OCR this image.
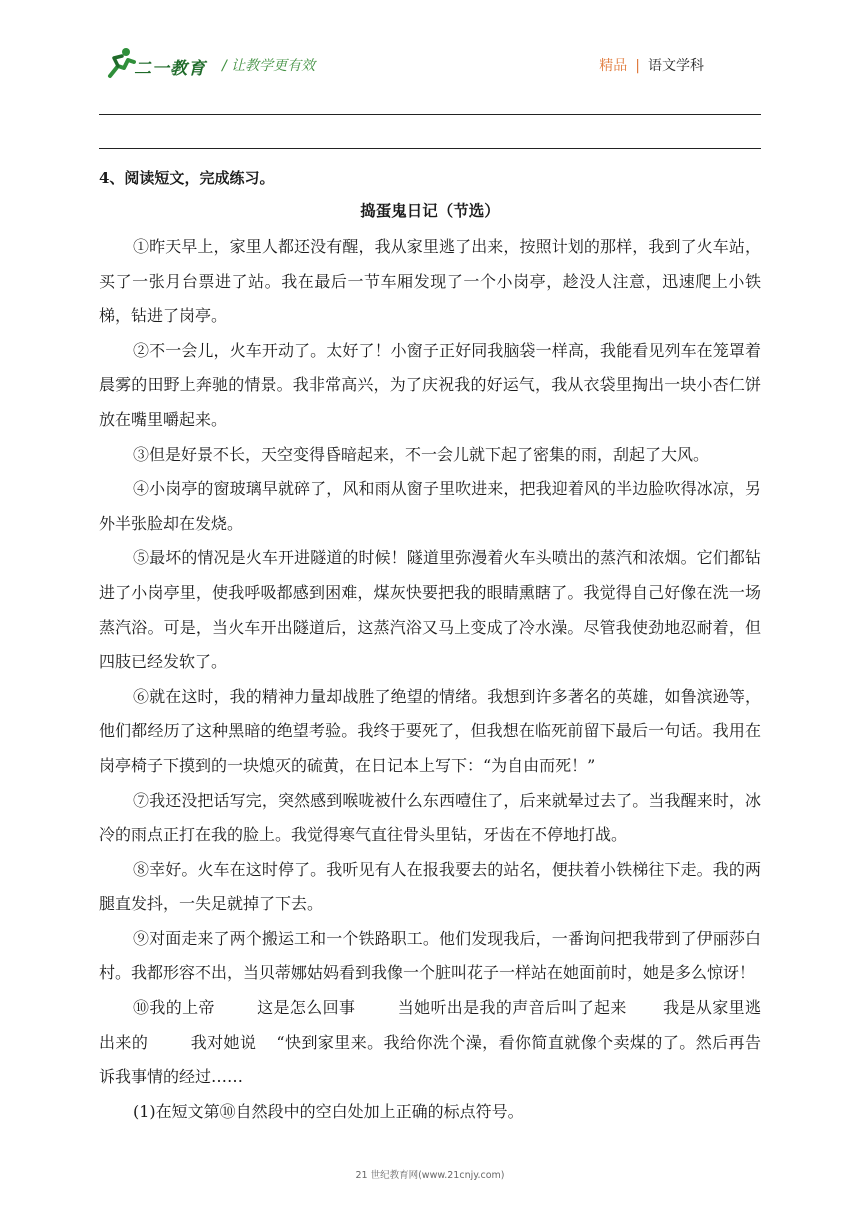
二一教育 / 让教学更有效	精品 | 语文学科
4、阅读短文，完成练习。
捣蛋鬼日记（节选）

①昨天早上，家里人都还没有醒，我从家里逃了出来，按照计划的那样，我到了火车站，买了一张月台票进了站。我在最后一节车厢发现了一个小岗亭，趁没人注意，迅速爬上小铁梯，钻进了岗亭。

②不一会儿，火车开动了。太好了！小窗子正好同我脑袋一样高，我能看见列车在笼罩着晨雾的田野上奔驰的情景。我非常高兴，为了庆祝我的好运气，我从衣袋里掏出一块小杏仁饼放在嘴里嚼起来。

③但是好景不长，天空变得昏暗起来，不一会儿就下起了密集的雨，刮起了大风。

④小岗亭的窗玻璃早就碎了，风和雨从窗子里吹进来，把我迎着风的半边脸吹得冰凉，另外半张脸却在发烧。

⑤最坏的情况是火车开进隧道的时候！隧道里弥漫着火车头喷出的蒸汽和浓烟。它们都钻进了小岗亭里，使我呼吸都感到困难，煤灰快要把我的眼睛熏瞎了。我觉得自己好像在洗一场蒸汽浴。可是，当火车开出隧道后，这蒸汽浴又马上变成了冷水澡。尽管我使劲地忍耐着，但四肢已经发软了。

⑥就在这时，我的精神力量却战胜了绝望的情绪。我想到许多著名的英雄，如鲁滨逊等，他们都经历了这种黑暗的绝望考验。我终于要死了，但我想在临死前留下最后一句话。我用在岗亭椅子下摸到的一块熄灭的硫黄，在日记本上写下：“为自由而死！”

⑦我还没把话写完，突然感到喉咙被什么东西噎住了，后来就晕过去了。当我醒来时，冰冷的雨点正打在我的脸上。我觉得寒气直往骨头里钻，牙齿在不停地打战。

⑧幸好。火车在这时停了。我听见有人在报我要去的站名，便扶着小铁梯往下走。我的两腿直发抖，一失足就掉了下去。

⑨对面走来了两个搬运工和一个铁路职工。他们发现我后，一番询问把我带到了伊丽莎白村。我都形容不出，当贝蒂娜姑妈看到我像一个脏叫花子一样站在她面前时，她是多么惊讶！

⑩我的上帝	这是怎么回事	当她听出是我的声音后叫了起来 我是从家里逃出来的	我对她说 “快到家里来。我给你洗个澡，看你简直就像个卖煤的了。然后再告诉我事情的经过……

(1)在短文第⑩自然段中的空白处加上正确的标点符号。

21 世纪教育网(www.21cnjy.com)
